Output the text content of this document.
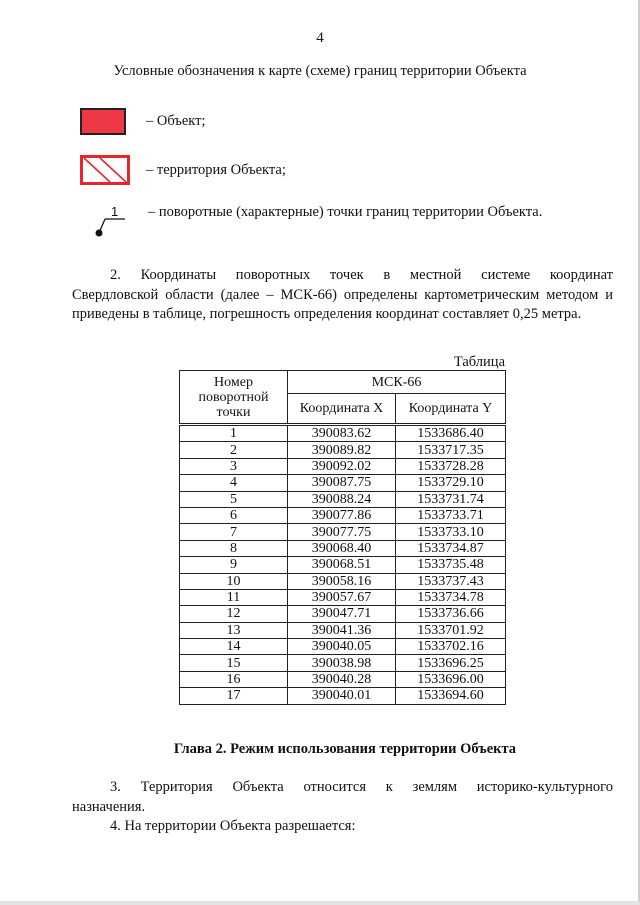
4
Условные обозначения к карте (схеме) границ территории Объекта
– Объект;
– территория Объекта;
1 – поворотные (характерные) точки границ территории Объекта.
2. Координаты поворотных точек в местной системе координат
Свердловской области (далее – МСК-66) определены картометрическим методом и приведены в таблице, погрешность определения координат составляет 0,25 метра.
Таблица
Номер поворотной точки	МСК-66	
	Координата X	Координата Y
1	390083.62	1533686.40
2	390089.82	1533717.35
3	390092.02	1533728.28
4	390087.75	1533729.10
5	390088.24	1533731.74
6	390077.86	1533733.71
7	390077.75	1533733.10
8	390068.40	1533734.87
9	390068.51	1533735.48
10	390058.16	1533737.43
11	390057.67	1533734.78
12	390047.71	1533736.66
13	390041.36	1533701.92
14	390040.05	1533702.16
15	390038.98	1533696.25
16	390040.28	1533696.00
17	390040.01	1533694.60
Глава 2. Режим использования территории Объекта
3. Территория Объекта относится к землям историко-культурного
назначения.
4. На территории Объекта разрешается:
